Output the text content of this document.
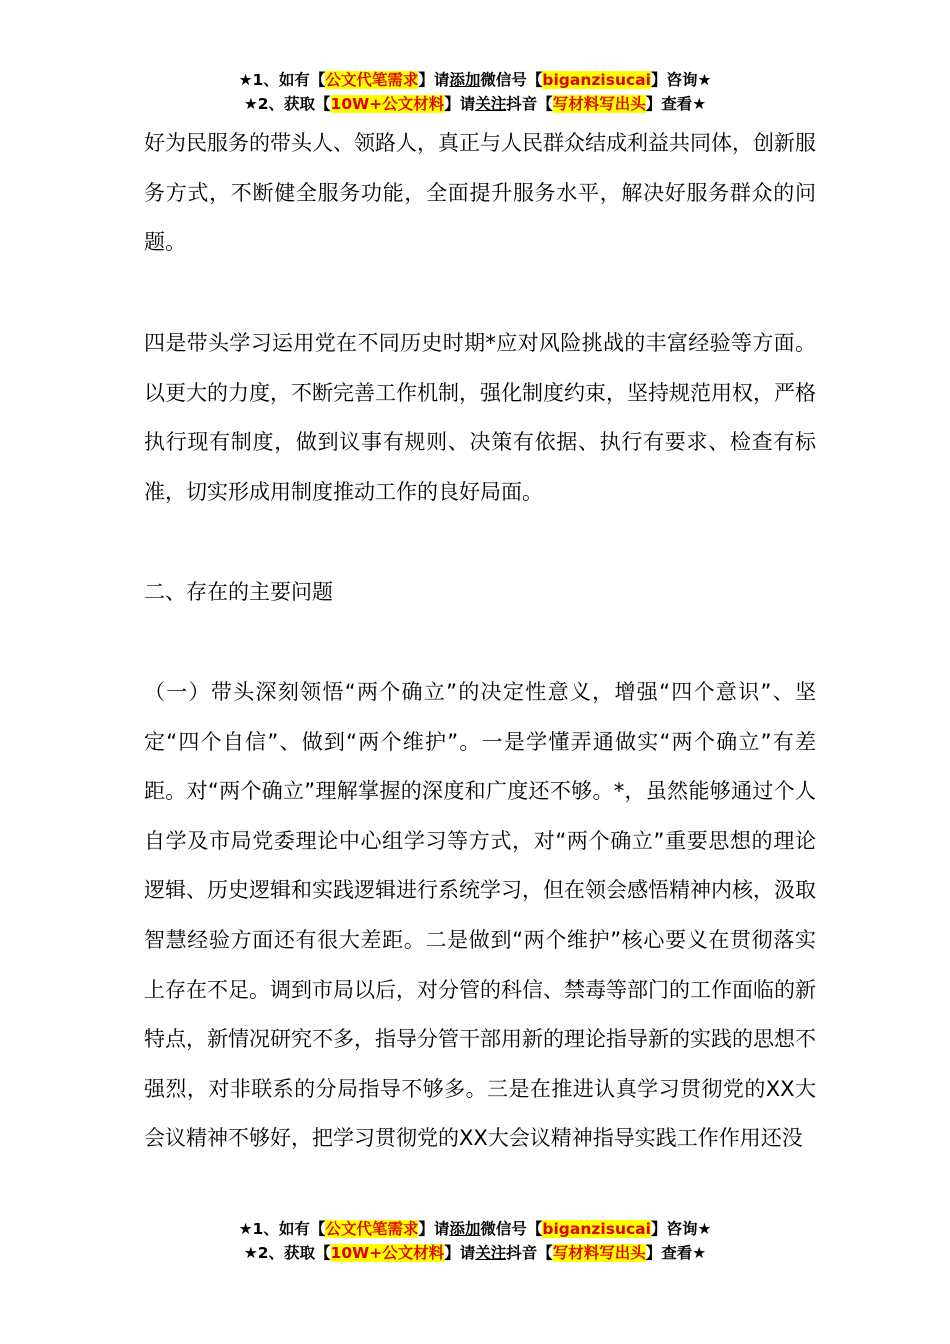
★1、如有【公文代笔需求】请添加微信号【biganzisucai】咨询★
★2、获取【10W+公文材料】请关注抖音【写材料写出头】查看★

好为民服务的带头人、领路人，真正与人民群众结成利益共同体，创新服务方式，不断健全服务功能，全面提升服务水平，解决好服务群众的问题。

四是带头学习运用党在不同历史时期*应对风险挑战的丰富经验等方面。以更大的力度，不断完善工作机制，强化制度约束，坚持规范用权，严格执行现有制度，做到议事有规则、决策有依据、执行有要求、检查有标准，切实形成用制度推动工作的良好局面。

二、存在的主要问题

（一）带头深刻领悟“两个确立”的决定性意义，增强“四个意识”、坚定“四个自信”、做到“两个维护”。一是学懂弄通做实“两个确立”有差距。对“两个确立”理解掌握的深度和广度还不够。*，虽然能够通过个人自学及市局党委理论中心组学习等方式，对“两个确立”重要思想的理论逻辑、历史逻辑和实践逻辑进行系统学习，但在领会感悟精神内核，汲取智慧经验方面还有很大差距。二是做到“两个维护”核心要义在贯彻落实上存在不足。调到市局以后，对分管的科信、禁毒等部门的工作面临的新特点，新情况研究不多，指导分管干部用新的理论指导新的实践的思想不强烈，对非联系的分局指导不够多。三是在推进认真学习贯彻党的XX大会议精神不够好，把学习贯彻党的XX大会议精神指导实践工作作用还没

★1、如有【公文代笔需求】请添加微信号【biganzisucai】咨询★
★2、获取【10W+公文材料】请关注抖音【写材料写出头】查看★
